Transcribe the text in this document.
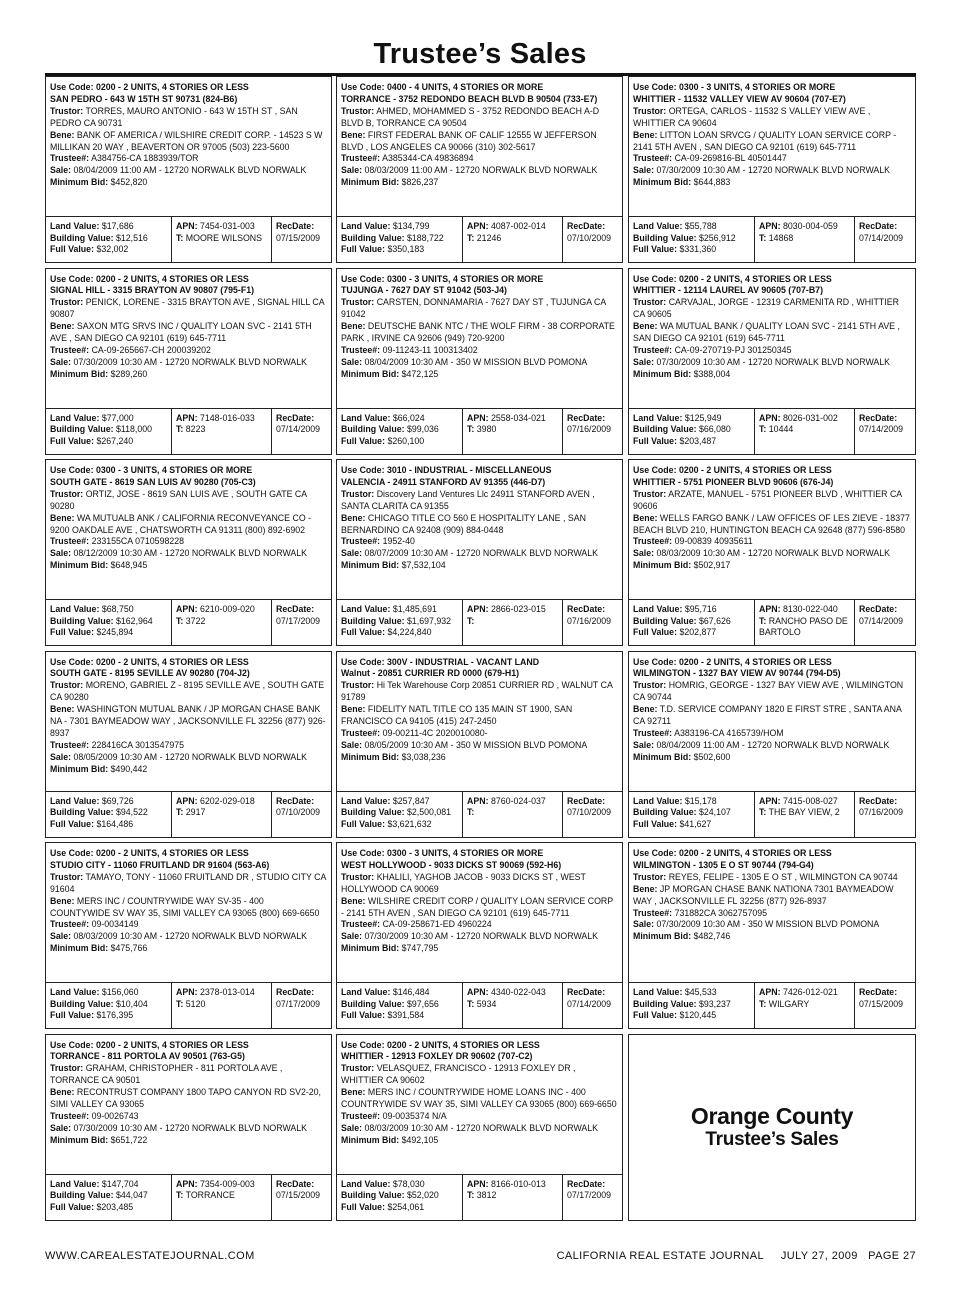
Trustee’s Sales
Use Code: 0200 - 2 UNITS, 4 STORIES OR LESS
SAN PEDRO - 643 W 15TH ST 90731 (824-B6)
Trustor: TORRES, MAURO ANTONIO - 643 W 15TH ST , SAN PEDRO CA 90731
Bene: BANK OF AMERICA / WILSHIRE CREDIT CORP. - 14523 S W MILLIKAN 20 WAY , BEAVERTON OR 97005 (503) 223-5600
Trustee#: A384756-CA 1883939/TOR
Sale: 08/04/2009 11:00 AM - 12720 NORWALK BLVD NORWALK
Minimum Bid: $452,820
Land Value: $17,686
Building Value: $12,516
Full Value: $32,002
APN: 7454-031-003
T: MOORE WILSONS
RecDate:
07/15/2009
Use Code: 0400 - 4 UNITS, 4 STORIES OR MORE
TORRANCE - 3752 REDONDO BEACH BLVD B 90504 (733-E7)
Trustor: AHMED, MOHAMMED S - 3752 REDONDO BEACH A-D BLVD B, TORRANCE CA 90504
Bene: FIRST FEDERAL BANK OF CALIF 12555 W JEFFERSON BLVD , LOS ANGELES CA 90066 (310) 302-5617
Trustee#: A385344-CA 49836894
Sale: 08/03/2009 11:00 AM - 12720 NORWALK BLVD NORWALK
Minimum Bid: $826,237
Land Value: $134,799
Building Value: $188,722
Full Value: $350,183
APN: 4087-002-014
T: 21246
RecDate:
07/10/2009
Use Code: 0300 - 3 UNITS, 4 STORIES OR MORE
WHITTIER - 11532 VALLEY VIEW AV 90604 (707-E7)
Trustor: ORTEGA, CARLOS - 11532 S VALLEY VIEW AVE , WHITTIER CA 90604
Bene: LITTON LOAN SRVCG / QUALITY LOAN SERVICE CORP - 2141 5TH AVEN , SAN DIEGO CA 92101 (619) 645-7711
Trustee#: CA-09-269816-BL 40501447
Sale: 07/30/2009 10:30 AM - 12720 NORWALK BLVD NORWALK
Minimum Bid: $644,883
Land Value: $55,788
Building Value: $256,912
Full Value: $331,360
APN: 8030-004-059
T: 14868
RecDate:
07/14/2009
Use Code: 0200 - 2 UNITS, 4 STORIES OR LESS
SIGNAL HILL - 3315 BRAYTON AV 90807 (795-F1)
Trustor: PENICK, LORENE - 3315 BRAYTON AVE , SIGNAL HILL CA 90807
Bene: SAXON MTG SRVS INC / QUALITY LOAN SVC - 2141 5TH AVE , SAN DIEGO CA 92101 (619) 645-7711
Trustee#: CA-09-265667-CH 200039202
Sale: 07/30/2009 10:30 AM - 12720 NORWALK BLVD NORWALK
Minimum Bid: $289,260
Land Value: $77,000
Building Value: $118,000
Full Value: $267,240
APN: 7148-016-033
T: 8223
RecDate:
07/14/2009
Use Code: 0300 - 3 UNITS, 4 STORIES OR MORE
TUJUNGA - 7627 DAY ST 91042 (503-J4)
Trustor: CARSTEN, DONNAMARIA - 7627 DAY ST , TUJUNGA CA 91042
Bene: DEUTSCHE BANK NTC / THE WOLF FIRM - 38 CORPORATE PARK , IRVINE CA 92606 (949) 720-9200
Trustee#: 09-11243-11 100313402
Sale: 08/04/2009 10:30 AM - 350 W MISSION BLVD POMONA
Minimum Bid: $472,125
Land Value: $66,024
Building Value: $99,036
Full Value: $260,100
APN: 2558-034-021
T: 3980
RecDate:
07/16/2009
Use Code: 0200 - 2 UNITS, 4 STORIES OR LESS
WHITTIER - 12114 LAUREL AV 90605 (707-B7)
Trustor: CARVAJAL, JORGE - 12319 CARMENITA RD , WHITTIER CA 90605
Bene: WA MUTUAL BANK / QUALITY LOAN SVC - 2141 5TH AVE , SAN DIEGO CA 92101 (619) 645-7711
Trustee#: CA-09-270719-PJ 301250345
Sale: 07/30/2009 10:30 AM - 12720 NORWALK BLVD NORWALK
Minimum Bid: $388,004
Land Value: $125,949
Building Value: $66,080
Full Value: $203,487
APN: 8026-031-002
T: 10444
RecDate:
07/14/2009
Use Code: 0300 - 3 UNITS, 4 STORIES OR MORE
SOUTH GATE - 8619 SAN LUIS AV 90280 (705-C3)
Trustor: ORTIZ, JOSE - 8619 SAN LUIS AVE , SOUTH GATE CA 90280
Bene: WA MUTUALB ANK / CALIFORNIA RECONVEYANCE CO - 9200 OAKDALE AVE , CHATSWORTH CA 91311 (800) 892-6902
Trustee#: 233155CA 0710598228
Sale: 08/12/2009 10:30 AM - 12720 NORWALK BLVD NORWALK
Minimum Bid: $648,945
Land Value: $68,750
Building Value: $162,964
Full Value: $245,894
APN: 6210-009-020
T: 3722
RecDate:
07/17/2009
Use Code: 3010 - INDUSTRIAL - MISCELLANEOUS
VALENCIA - 24911 STANFORD AV 91355 (446-D7)
Trustor: Discovery Land Ventures Llc 24911 STANFORD AVEN , SANTA CLARITA CA 91355
Bene: CHICAGO TITLE CO 560 E HOSPITALITY LANE , SAN BERNARDINO CA 92408 (909) 884-0448
Trustee#: 1952-40
Sale: 08/07/2009 10:30 AM - 12720 NORWALK BLVD NORWALK
Minimum Bid: $7,532,104
Land Value: $1,485,691
Building Value: $1,697,932
Full Value: $4,224,840
APN: 2866-023-015
T:
RecDate:
07/16/2009
Use Code: 0200 - 2 UNITS, 4 STORIES OR LESS
WHITTIER - 5751 PIONEER BLVD 90606 (676-J4)
Trustor: ARZATE, MANUEL - 5751 PIONEER BLVD , WHITTIER CA 90606
Bene: WELLS FARGO BANK / LAW OFFICES OF LES ZIEVE - 18377 BEACH BLVD 210, HUNTINGTON BEACH CA 92648 (877) 596-8580
Trustee#: 09-00839 40935611
Sale: 08/03/2009 10:30 AM - 12720 NORWALK BLVD NORWALK
Minimum Bid: $502,917
Land Value: $95,716
Building Value: $67,626
Full Value: $202,877
APN: 8130-022-040
T: RANCHO PASO DE BARTOLO
RecDate:
07/14/2009
Use Code: 0200 - 2 UNITS, 4 STORIES OR LESS
SOUTH GATE - 8195 SEVILLE AV 90280 (704-J2)
Trustor: MORENO, GABRIEL Z - 8195 SEVILLE AVE , SOUTH GATE CA 90280
Bene: WASHINGTON MUTUAL BANK / JP MORGAN CHASE BANK NA - 7301 BAYMEADOW WAY , JACKSONVILLE FL 32256 (877) 926-8937
Trustee#: 228416CA 3013547975
Sale: 08/05/2009 10:30 AM - 12720 NORWALK BLVD NORWALK
Minimum Bid: $490,442
Land Value: $69,726
Building Value: $94,522
Full Value: $164,486
APN: 6202-029-018
T: 2917
RecDate:
07/10/2009
Use Code: 300V - INDUSTRIAL - VACANT LAND
Walnut - 20851 CURRIER RD 0000 (679-H1)
Trustor: Hi Tek Warehouse Corp 20851 CURRIER RD , WALNUT CA 91789
Bene: FIDELITY NATL TITLE CO 135 MAIN ST 1900, SAN FRANCISCO CA 94105 (415) 247-2450
Trustee#: 09-00211-4C 2020010080-
Sale: 08/05/2009 10:30 AM - 350 W MISSION BLVD POMONA
Minimum Bid: $3,038,236
Land Value: $257,847
Building Value: $2,500,081
Full Value: $3,621,632
APN: 8760-024-037
T:
RecDate:
07/10/2009
Use Code: 0200 - 2 UNITS, 4 STORIES OR LESS
WILMINGTON - 1327 BAY VIEW AV 90744 (794-D5)
Trustor: HOMRIG, GEORGE - 1327 BAY VIEW AVE , WILMINGTON CA 90744
Bene: T.D. SERVICE COMPANY 1820 E FIRST STRE , SANTA ANA CA 92711
Trustee#: A383196-CA 4165739/HOM
Sale: 08/04/2009 11:00 AM - 12720 NORWALK BLVD NORWALK
Minimum Bid: $502,600
Land Value: $15,178
Building Value: $24,107
Full Value: $41,627
APN: 7415-008-027
T: THE BAY VIEW, 2
RecDate:
07/16/2009
Use Code: 0200 - 2 UNITS, 4 STORIES OR LESS
STUDIO CITY - 11060 FRUITLAND DR 91604 (563-A6)
Trustor: TAMAYO, TONY - 11060 FRUITLAND DR , STUDIO CITY CA 91604
Bene: MERS INC / COUNTRYWIDE WAY SV-35 - 400 COUNTYWIDE SV WAY 35, SIMI VALLEY CA 93065 (800) 669-6650
Trustee#: 09-0034149
Sale: 08/03/2009 10:30 AM - 12720 NORWALK BLVD NORWALK
Minimum Bid: $475,766
Land Value: $156,060
Building Value: $10,404
Full Value: $176,395
APN: 2378-013-014
T: 5120
RecDate:
07/17/2009
Use Code: 0300 - 3 UNITS, 4 STORIES OR MORE
WEST HOLLYWOOD - 9033 DICKS ST 90069 (592-H6)
Trustor: KHALILI, YAGHOB JACOB - 9033 DICKS ST , WEST HOLLYWOOD CA 90069
Bene: WILSHIRE CREDIT CORP / QUALITY LOAN SERVICE CORP - 2141 5TH AVEN , SAN DIEGO CA 92101 (619) 645-7711
Trustee#: CA-09-258671-ED 4960224
Sale: 07/30/2009 10:30 AM - 12720 NORWALK BLVD NORWALK
Minimum Bid: $747,795
Land Value: $146,484
Building Value: $97,656
Full Value: $391,584
APN: 4340-022-043
T: 5934
RecDate:
07/14/2009
Use Code: 0200 - 2 UNITS, 4 STORIES OR LESS
WILMINGTON - 1305 E O ST 90744 (794-G4)
Trustor: REYES, FELIPE - 1305 E O ST , WILMINGTON CA 90744
Bene: JP MORGAN CHASE BANK NATIONA 7301 BAYMEADOW WAY , JACKSONVILLE FL 32256 (877) 926-8937
Trustee#: 731882CA 3062757095
Sale: 07/30/2009 10:30 AM - 350 W MISSION BLVD POMONA
Minimum Bid: $482,746
Land Value: $45,533
Building Value: $93,237
Full Value: $120,445
APN: 7426-012-021
T: WILGARY
RecDate:
07/15/2009
Use Code: 0200 - 2 UNITS, 4 STORIES OR LESS
TORRANCE - 811 PORTOLA AV 90501 (763-G5)
Trustor: GRAHAM, CHRISTOPHER - 811 PORTOLA AVE , TORRANCE CA 90501
Bene: RECONTRUST COMPANY 1800 TAPO CANYON RD SV2-20, SIMI VALLEY CA 93065
Trustee#: 09-0026743
Sale: 07/30/2009 10:30 AM - 12720 NORWALK BLVD NORWALK
Minimum Bid: $651,722
Land Value: $147,704
Building Value: $44,047
Full Value: $203,485
APN: 7354-009-003
T: TORRANCE
RecDate:
07/15/2009
Use Code: 0200 - 2 UNITS, 4 STORIES OR LESS
WHITTIER - 12913 FOXLEY DR 90602 (707-C2)
Trustor: VELASQUEZ, FRANCISCO - 12913 FOXLEY DR , WHITTIER CA 90602
Bene: MERS INC / COUNTRYWIDE HOME LOANS INC - 400 COUNTRYWIDE SV WAY 35, SIMI VALLEY CA 93065 (800) 669-6650
Trustee#: 09-0035374 N/A
Sale: 08/03/2009 10:30 AM - 12720 NORWALK BLVD NORWALK
Minimum Bid: $492,105
Land Value: $78,030
Building Value: $52,020
Full Value: $254,061
APN: 8166-010-013
T: 3812
RecDate:
07/17/2009
Orange County
Trustee’s Sales
WWW.CAREALESTATEJOURNAL.COM	CALIFORNIA REAL ESTATE JOURNAL     JULY 27, 2009   PAGE 27
